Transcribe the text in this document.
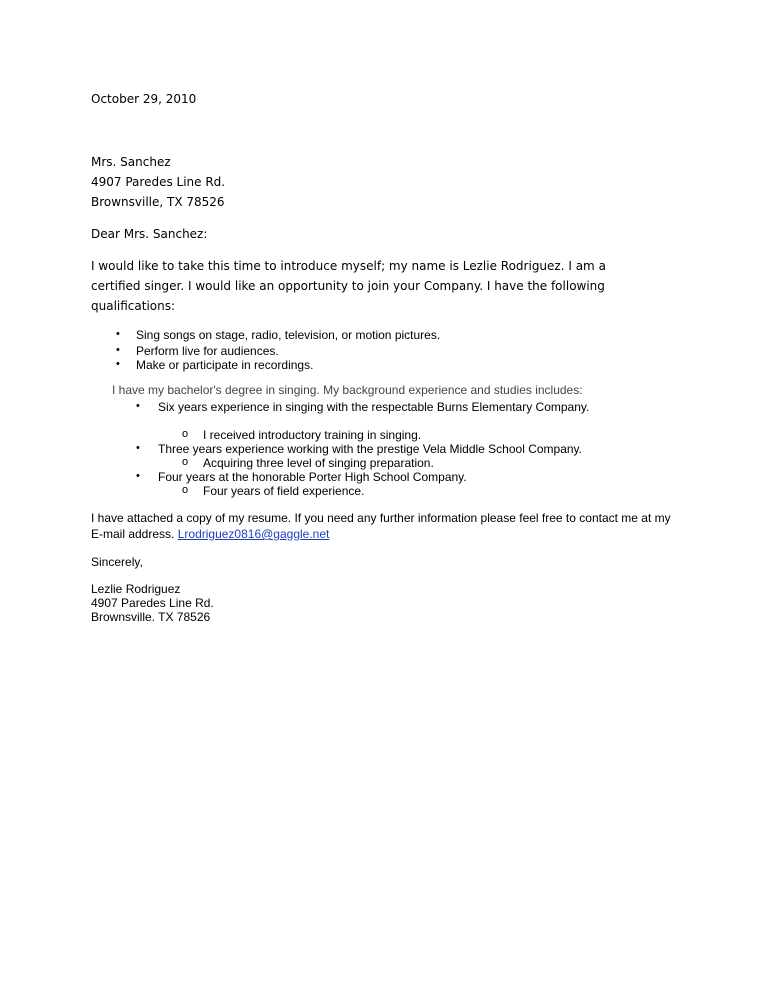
October 29, 2010
Mrs. Sanchez
4907 Paredes Line Rd.
Brownsville, TX 78526
Dear Mrs. Sanchez:
I would like to take this time to introduce myself; my name is Lezlie Rodriguez. I am a
certified singer. I would like an opportunity to join your Company. I have the following
qualifications:
• Sing songs on stage, radio, television, or motion pictures.
• Perform live for audiences.
• Make or participate in recordings.
I have my bachelor's degree in singing. My background experience and studies includes:
• Six years experience in singing with the respectable Burns Elementary Company.
o I received introductory training in singing.
• Three years experience working with the prestige Vela Middle School Company.
o Acquiring three level of singing preparation.
• Four years at the honorable Porter High School Company.
o Four years of field experience.
I have attached a copy of my resume. If you need any further information please feel free to contact me at my
E-mail address. Lrodriguez0816@gaggle.net
Sincerely,
Lezlie Rodriguez
4907 Paredes Line Rd.
Brownsville. TX 78526
